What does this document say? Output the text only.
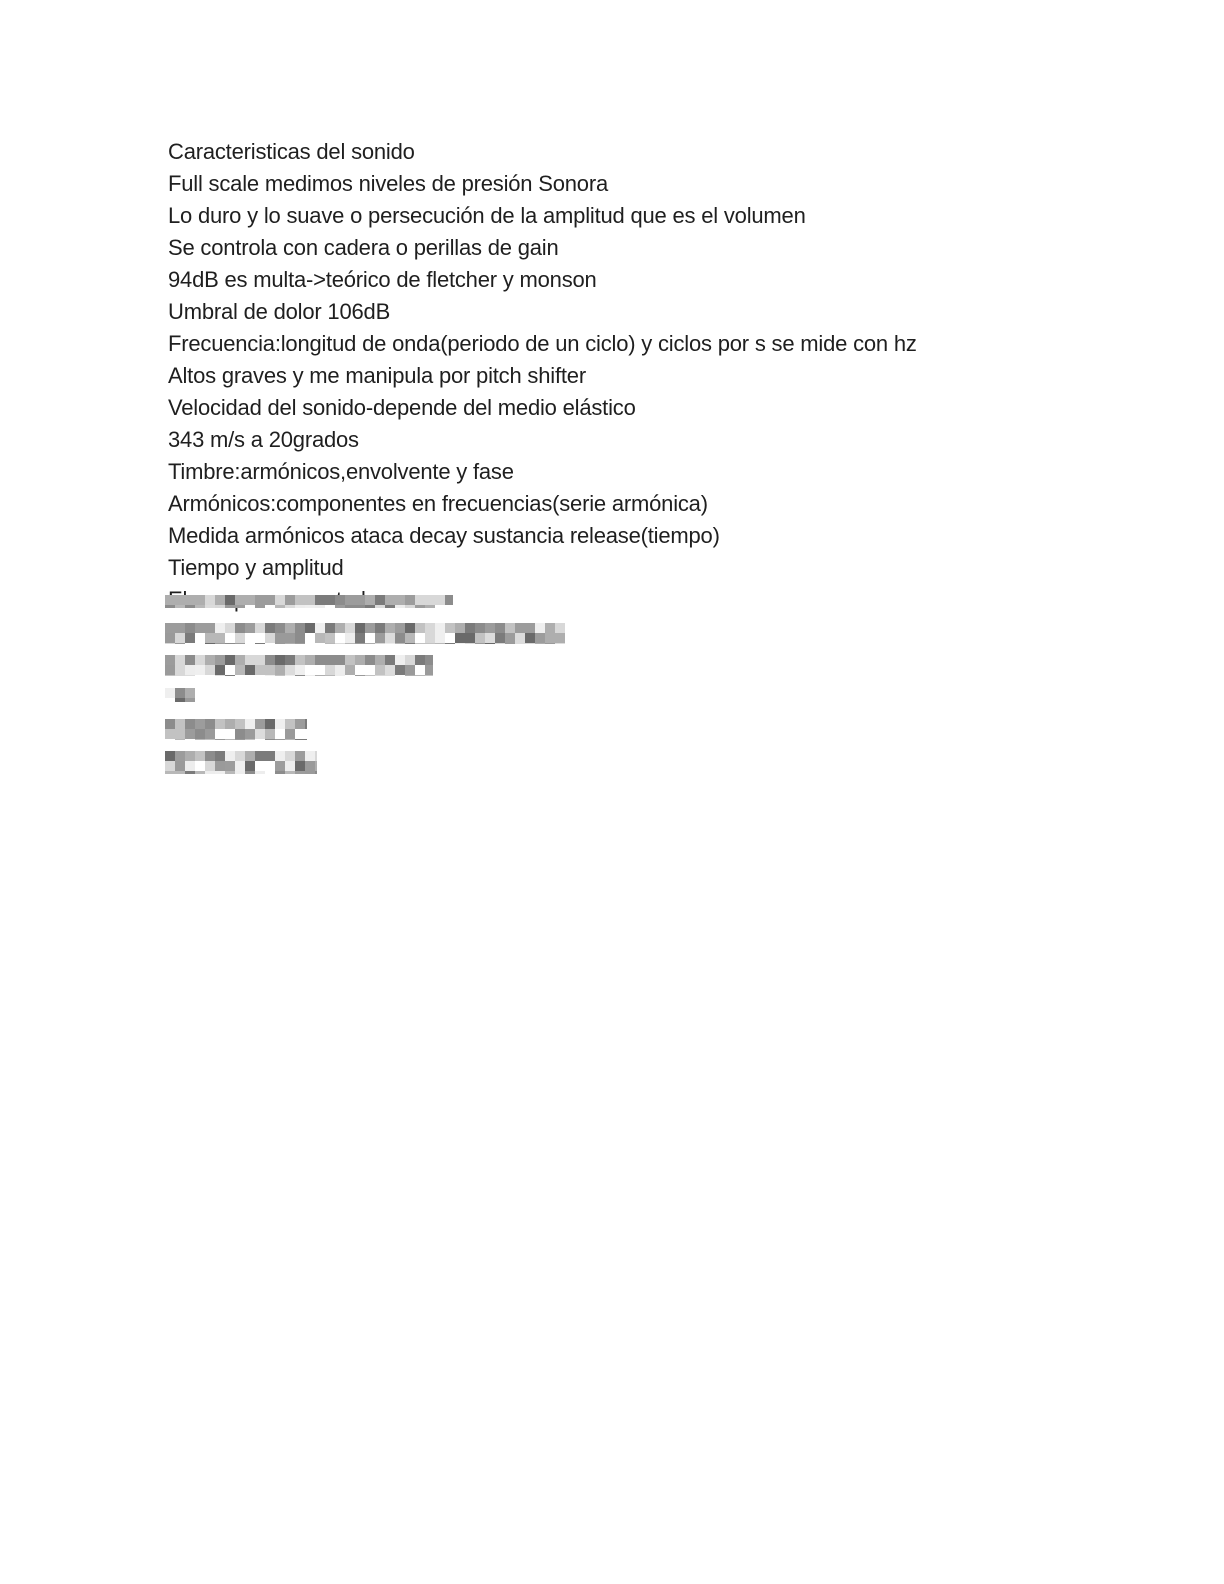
Caracteristicas del sonido
Full scale medimos niveles de presión Sonora
Lo duro y lo suave o persecución de la amplitud que es el volumen
Se controla con cadera o perillas de gain
94dB es multa->teórico de fletcher y monson
Umbral de dolor 106dB
Frecuencia:longitud de onda(periodo de un ciclo) y ciclos por s se mide con hz
Altos graves y me manipula por pitch shifter
Velocidad del sonido-depende del medio elástico
343 m/s a 20grados
Timbre:armónicos,envolvente y fase
Armónicos:componentes en frecuencias(serie armónica)
Medida armónicos ataca decay sustancia release(tiempo)
Tiempo y amplitud
